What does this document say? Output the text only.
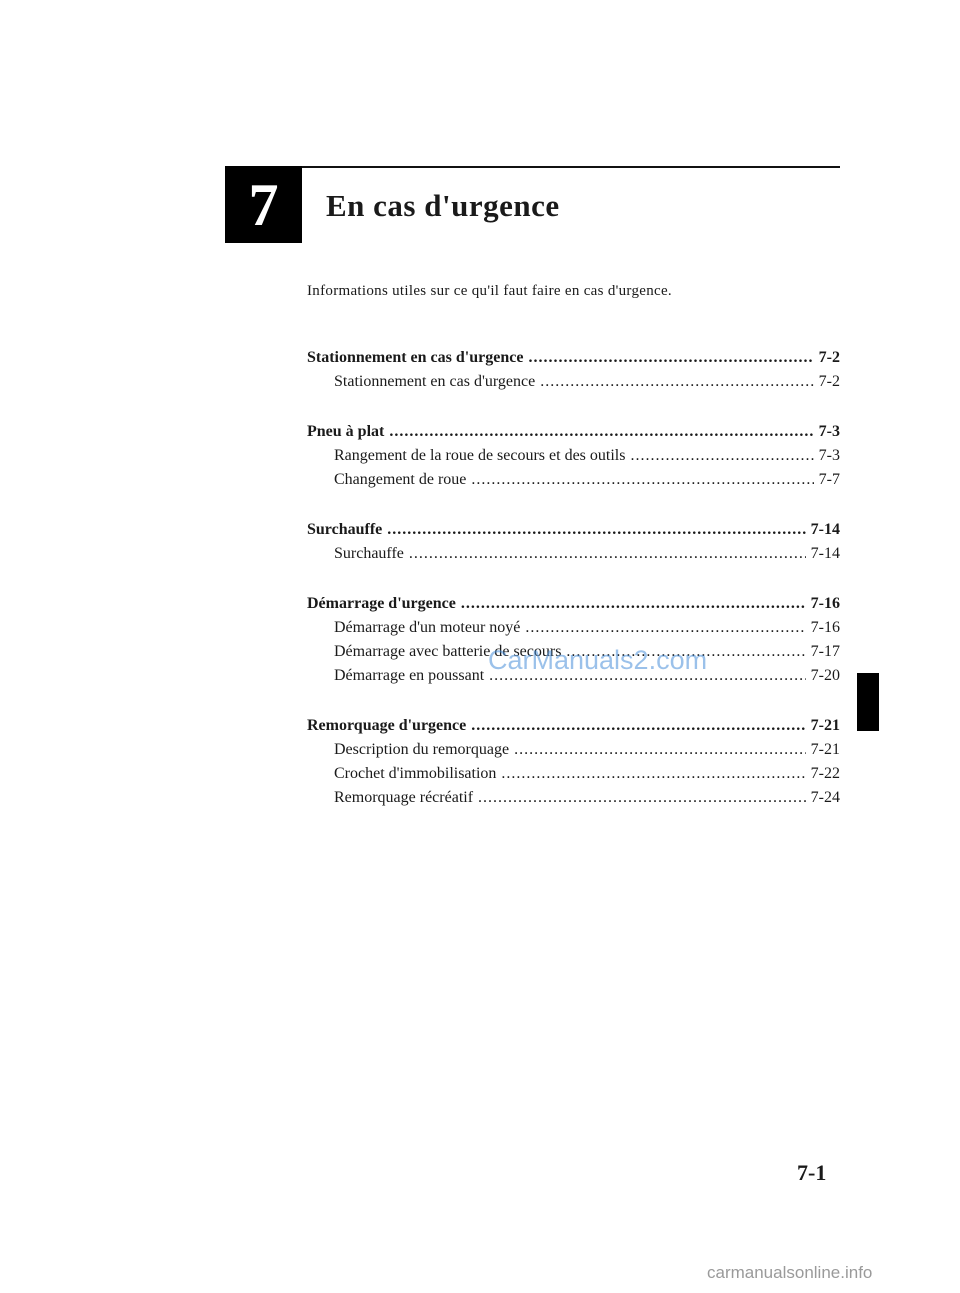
7 En cas d'urgence
Informations utiles sur ce qu'il faut faire en cas d'urgence.
Stationnement en cas d'urgence .....	7-2
Stationnement en cas d'urgence .....	7-2
Pneu à plat .....	7-3
Rangement de la roue de secours et des outils .....	7-3
Changement de roue .....	7-7
Surchauffe .....	7-14
Surchauffe .....	7-14
Démarrage d'urgence .....	7-16
Démarrage d'un moteur noyé .....	7-16
Démarrage avec batterie de secours .....	7-17
Démarrage en poussant .....	7-20
Remorquage d'urgence .....	7-21
Description du remorquage .....	7-21
Crochet d'immobilisation .....	7-22
Remorquage récréatif .....	7-24
CarManuals2.com
7-1
carmanualsonline.info
